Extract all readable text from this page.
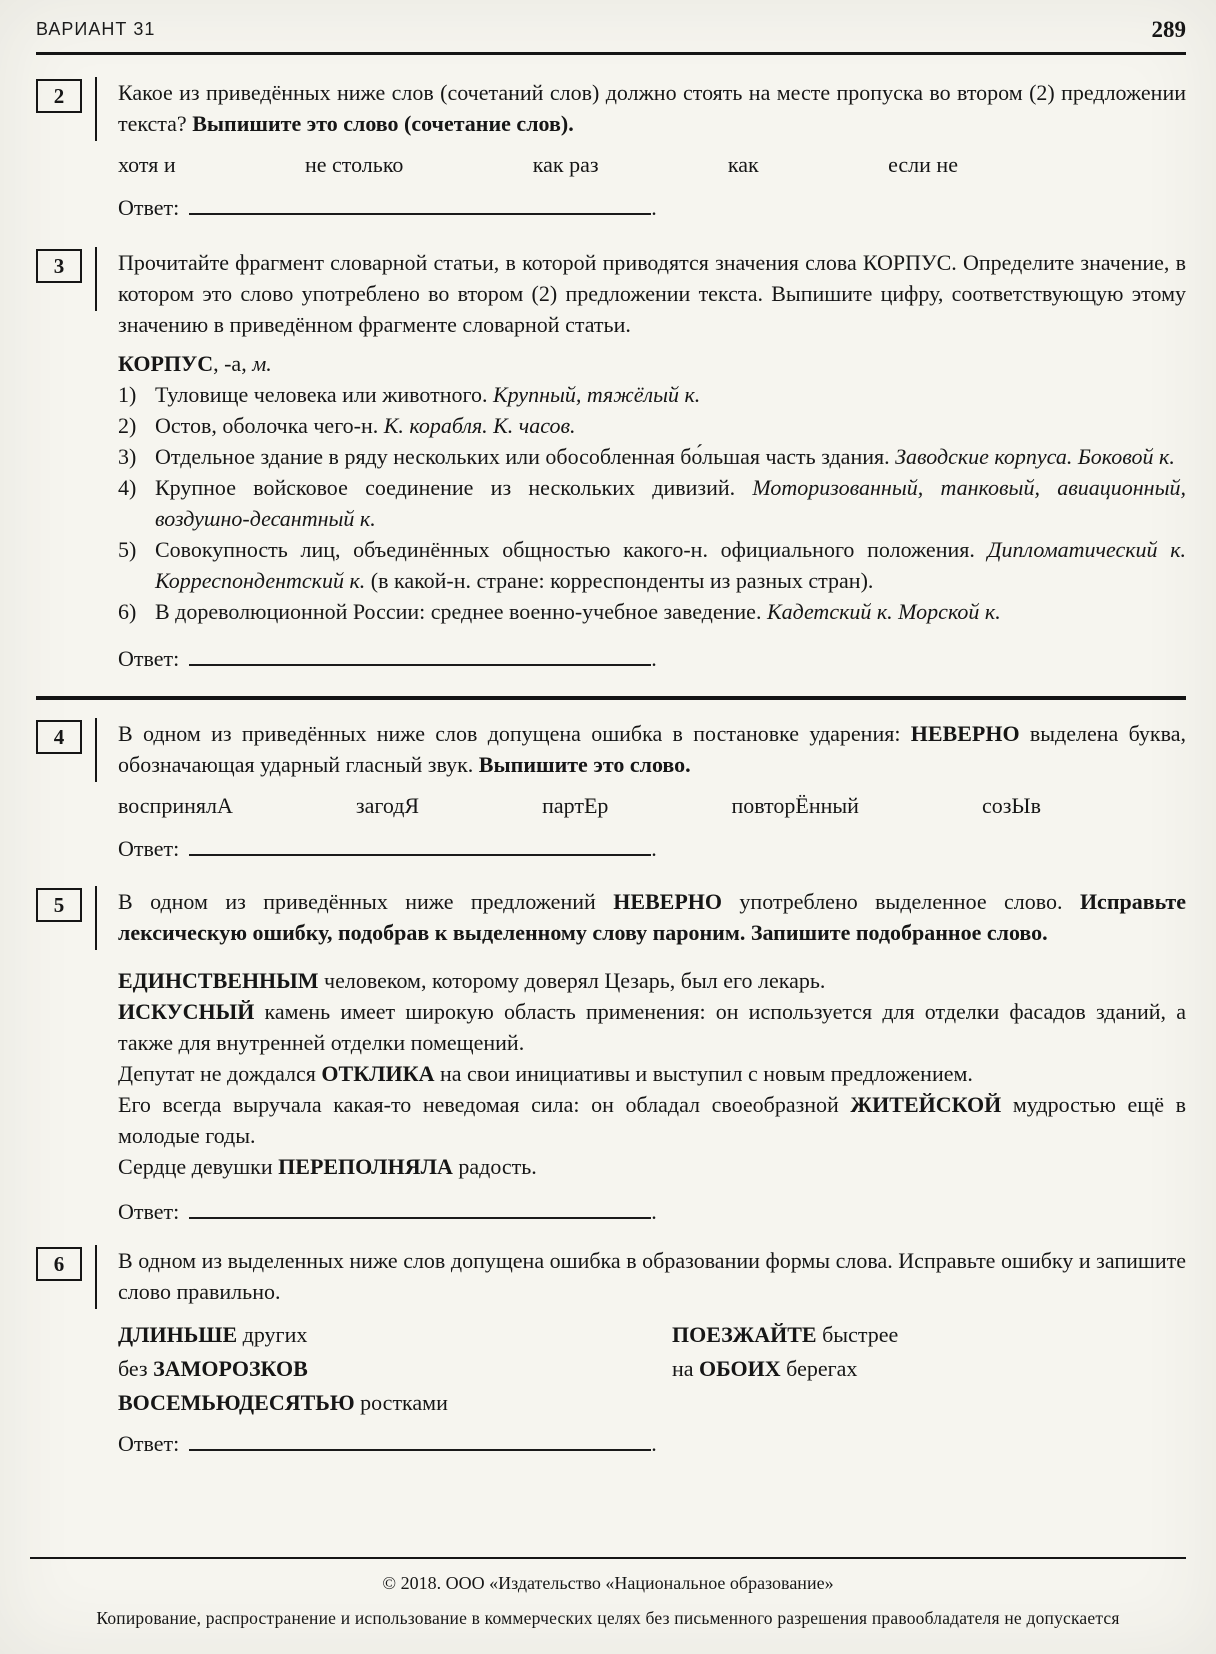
ВАРИАНТ 31	289
2	Какое из приведённых ниже слов (сочетаний слов) должно стоять на месте пропуска во втором (2) предложении текста? Выпишите это слово (сочетание слов).

хотя и	не столько	как раз	как	если не
Ответ:	.
3	Прочитайте фрагмент словарной статьи, в которой приводятся значения слова КОРПУС. Определите значение, в котором это слово употреблено во втором (2) предложении текста. Выпишите цифру, соответствующую этому значению в приведённом фрагменте словарной статьи.

КОРПУС, -а, м.

1) Туловище человека или животного. Крупный, тяжёлый к.
2) Остов, оболочка чего-н. К. корабля. К. часов.
3) Отдельное здание в ряду нескольких или обособленная бо́льшая часть здания. Заводские корпуса. Боковой к.
4) Крупное войсковое соединение из нескольких дивизий. Моторизованный, танковый, авиационный, воздушно-десантный к.
5) Совокупность лиц, объединённых общностью какого-н. официального положения. Дипломатический к. Корреспондентский к. (в какой-н. стране: корреспонденты из разных стран).
6) В дореволюционной России: среднее военно-учебное заведение. Кадетский к. Морской к.
Ответ:	.
4	В одном из приведённых ниже слов допущена ошибка в постановке ударения: НЕВЕРНО выделена буква, обозначающая ударный гласный звук. Выпишите это слово.

воспринялА	загодЯ	партЕр	повторЁнный	созЫв
Ответ:	.
5	В одном из приведённых ниже предложений НЕВЕРНО употреблено выделенное слово. Исправьте лексическую ошибку, подобрав к выделенному слову пароним. Запишите подобранное слово.

ЕДИНСТВЕННЫМ человеком, которому доверял Цезарь, был его лекарь.

ИСКУСНЫЙ камень имеет широкую область применения: он используется для отделки фасадов зданий, а также для внутренней отделки помещений.

Депутат не дождался ОТКЛИКА на свои инициативы и выступил с новым предложением.

Его всегда выручала какая-то неведомая сила: он обладал своеобразной ЖИТЕЙСКОЙ мудростью ещё в молодые годы.

Сердце девушки ПЕРЕПОЛНЯЛА радость.

Ответ:	.
6	В одном из выделенных ниже слов допущена ошибка в образовании формы слова. Исправьте ошибку и запишите слово правильно.

ДЛИНЬШЕ других

без ЗАМОРОЗКОВ

ВОСЕМЬЮДЕСЯТЬЮ ростками

ПОЕЗЖАЙТЕ быстрее

на ОБОИХ берегах

Ответ:	.
© 2018. ООО «Издательство «Национальное образование»
Копирование, распространение и использование в коммерческих целях без письменного разрешения правообладателя не допускается
